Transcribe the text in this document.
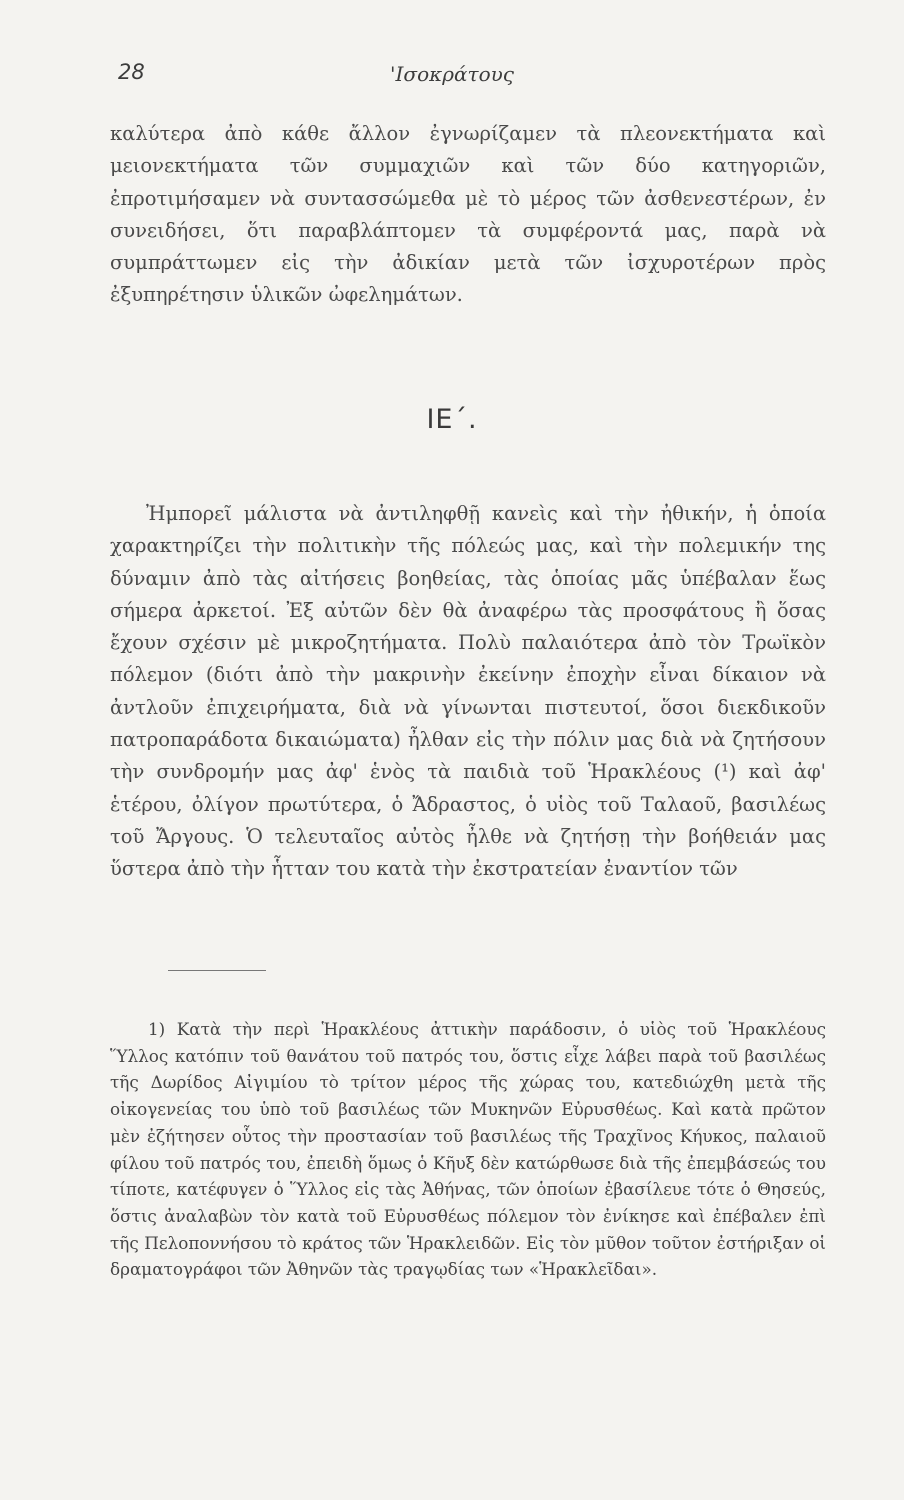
28	'Ισοκράτους

καλύτερα ἀπὸ κάθε ἄλλον ἐγνωρίζαμεν τὰ πλεονεκτήματα καὶ μειονεκτήματα τῶν συμμαχιῶν καὶ τῶν δύο κατηγοριῶν, ἐπροτιμήσαμεν νὰ συντασσώμεθα μὲ τὸ μέρος τῶν ἀσθενεστέρων, ἐν συνειδήσει, ὅτι παραβλάπτομεν τὰ συμφέροντά μας, παρὰ νὰ συμπράττωμεν εἰς τὴν ἀδικίαν μετὰ τῶν ἰσχυροτέρων πρὸς ἐξυπηρέτησιν ὑλικῶν ὠφελημάτων.

ΙΕ΄.

Ἠμπορεῖ μάλιστα νὰ ἀντιληφθῇ κανεὶς καὶ τὴν ἠθικήν, ἡ ὁποία χαρακτηρίζει τὴν πολιτικὴν τῆς πόλεώς μας, καὶ τὴν πολεμικήν της δύναμιν ἀπὸ τὰς αἰτήσεις βοηθείας, τὰς ὁποίας μᾶς ὑπέβαλαν ἕως σήμερα ἀρκετοί. Ἐξ αὐτῶν δὲν θὰ ἀναφέρω τὰς προσφάτους ἢ ὅσας ἔχουν σχέσιν μὲ μικροζητήματα. Πολὺ παλαιότερα ἀπὸ τὸν Τρωϊκὸν πόλεμον (διότι ἀπὸ τὴν μακρινὴν ἐκείνην ἐποχὴν εἶναι δίκαιον νὰ ἀντλοῦν ἐπιχειρήματα, διὰ νὰ γίνωνται πιστευτοί, ὅσοι διεκδικοῦν πατροπαράδοτα δικαιώματα) ἦλθαν εἰς τὴν πόλιν μας διὰ νὰ ζητήσουν τὴν συνδρομήν μας ἀφ' ἑνὸς τὰ παιδιὰ τοῦ Ἡρακλέους (¹) καὶ ἀφ' ἑτέρου, ὀλίγον πρωτύτερα, ὁ Ἄδραστος, ὁ υἱὸς τοῦ Ταλαοῦ, βασιλέως τοῦ Ἄργους. Ὁ τελευταῖος αὐτὸς ἦλθε νὰ ζητήσῃ τὴν βοήθειάν μας ὕστερα ἀπὸ τὴν ἧτταν του κατὰ τὴν ἐκστρατείαν ἐναντίον τῶν

1) Κατὰ τὴν περὶ Ἡρακλέους ἀττικὴν παράδοσιν, ὁ υἱὸς τοῦ Ἡρακλέους Ὕλλος κατόπιν τοῦ θανάτου τοῦ πατρός του, ὅστις εἶχε λάβει παρὰ τοῦ βασιλέως τῆς Δωρίδος Αἰγιμίου τὸ τρίτον μέρος τῆς χώρας του, κατεδιώχθη μετὰ τῆς οἰκογενείας του ὑπὸ τοῦ βασιλέως τῶν Μυκηνῶν Εὐρυσθέως. Καὶ κατὰ πρῶτον μὲν ἐζήτησεν οὗτος τὴν προστασίαν τοῦ βασιλέως τῆς Τραχῖνος Κήυκος, παλαιοῦ φίλου τοῦ πατρός του, ἐπειδὴ ὅμως ὁ Κῆυξ δὲν κατώρθωσε διὰ τῆς ἐπεμβάσεώς του τίποτε, κατέφυγεν ὁ Ὕλλος εἰς τὰς Ἀθήνας, τῶν ὁποίων ἐβασίλευε τότε ὁ Θησεύς, ὅστις ἀναλαβὼν τὸν κατὰ τοῦ Εὐρυσθέως πόλεμον τὸν ἐνίκησε καὶ ἐπέβαλεν ἐπὶ τῆς Πελοποννήσου τὸ κράτος τῶν Ἡρακλειδῶν. Εἰς τὸν μῦθον τοῦτον ἐστήριξαν οἱ δραματογράφοι τῶν Ἀθηνῶν τὰς τραγῳδίας των «Ἡρακλεῖδαι».
